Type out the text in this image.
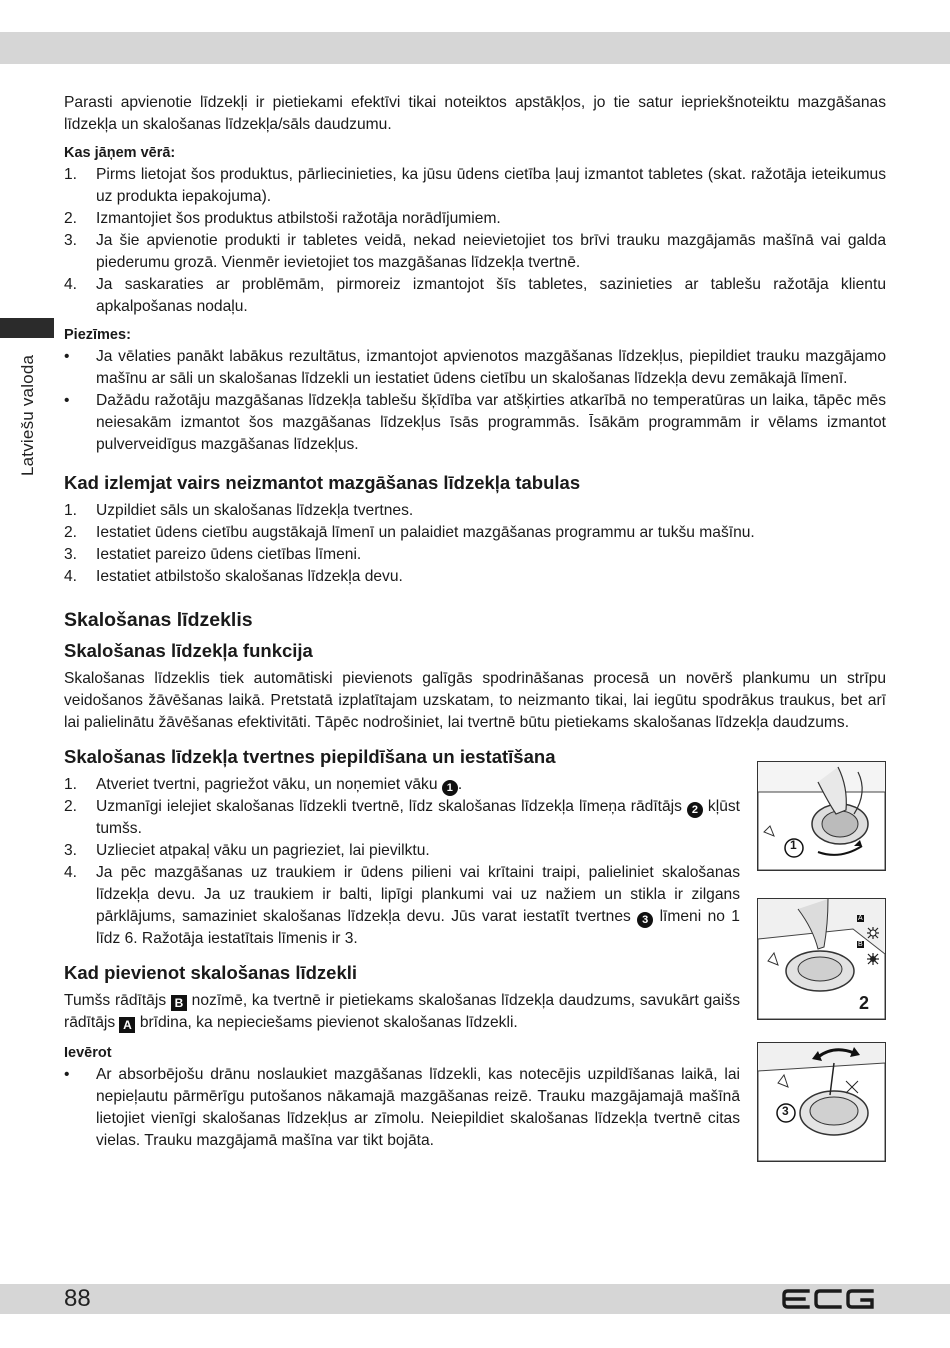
Latviešu valoda

Parasti apvienotie līdzekļi ir pietiekami efektīvi tikai noteiktos apstākļos, jo tie satur iepriekšnoteiktu mazgāšanas līdzekļa un skalošanas līdzekļa/sāls daudzumu.

Kas jāņem vērā:
1. Pirms lietojat šos produktus, pārliecinieties, ka jūsu ūdens cietība ļauj izmantot tabletes (skat. ražotāja ieteikumus uz produkta iepakojuma).
2. Izmantojiet šos produktus atbilstoši ražotāja norādījumiem.
3. Ja šie apvienotie produkti ir tabletes veidā, nekad neievietojiet tos brīvi trauku mazgājamās mašīnā vai galda piederumu grozā. Vienmēr ievietojiet tos mazgāšanas līdzekļa tvertnē.
4. Ja saskaraties ar problēmām, pirmoreiz izmantojot šīs tabletes, sazinieties ar tablešu ražotāja klientu apkalpošanas nodaļu.
Piezīmes:
• Ja vēlaties panākt labākus rezultātus, izmantojot apvienotos mazgāšanas līdzekļus, piepildiet trauku mazgājamo mašīnu ar sāli un skalošanas līdzekli un iestatiet ūdens cietību un skalošanas līdzekļa devu zemākajā līmenī.
• Dažādu ražotāju mazgāšanas līdzekļa tablešu šķīdība var atšķirties atkarībā no temperatūras un laika, tāpēc mēs neiesakām izmantot šos mazgāšanas līdzekļus īsās programmās. Īsākām programmām ir vēlams izmantot pulverveidīgus mazgāšanas līdzekļus.
Kad izlemjat vairs neizmantot mazgāšanas līdzekļa tabulas
1. Uzpildiet sāls un skalošanas līdzekļa tvertnes.
2. Iestatiet ūdens cietību augstākajā līmenī un palaidiet mazgāšanas programmu ar tukšu mašīnu.
3. Iestatiet pareizo ūdens cietības līmeni.
4. Iestatiet atbilstošo skalošanas līdzekļa devu.
Skalošanas līdzeklis
Skalošanas līdzekļa funkcija

Skalošanas līdzeklis tiek automātiski pievienots galīgās spodrināšanas procesā un novērš plankumu un strīpu veidošanos žāvēšanas laikā. Pretstatā izplatītajam uzskatam, to neizmanto tikai, lai iegūtu spodrākus traukus, bet arī lai palielinātu žāvēšanas efektivitāti. Tāpēc nodrošiniet, lai tvertnē būtu pietiekams skalošanas līdzekļa daudzums.

Skalošanas līdzekļa tvertnes piepildīšana un iestatīšana
1. Atveriet tvertni, pagriežot vāku, un noņemiet vāku 1 .
2. Uzmanīgi ielejiet skalošanas līdzekli tvertnē, līdz skalošanas līdzekļa līmeņa rādītājs 2 kļūst tumšs.
3. Uzlieciet atpakaļ vāku un pagrieziet, lai pievilktu.
4. Ja pēc mazgāšanas uz traukiem ir ūdens pilieni vai krītaini traipi, palieliniet skalošanas līdzekļa devu. Ja uz traukiem ir balti, lipīgi plankumi vai uz nažiem un stikla ir zilgans pārklājums, samaziniet skalošanas līdzekļa devu. Jūs varat iestatīt tvertnes 3 līmeni no 1 līdz 6. Ražotāja iestatītais līmenis ir 3.
Kad pievienot skalošanas līdzekli

Tumšs rādītājs B nozīmē, ka tvertnē ir pietiekams skalošanas līdzekļa daudzums, savukārt gaišs rādītājs A brīdina, ka nepieciešams pievienot skalošanas līdzekli.

Ievērot
• Ar absorbējošu drānu noslaukiet mazgāšanas līdzekli, kas notecējis uzpildīšanas laikā, lai nepieļautu pārmērīgu putošanos nākamajā mazgāšanas reizē. Trauku mazgājamajā mašīnā lietojiet vienīgi skalošanas līdzekļus ar zīmolu. Neiepildiet skalošanas līdzekļa tvertnē citas vielas. Trauku mazgājamā mašīna var tikt bojāta.
1
A
B
2
3
88
